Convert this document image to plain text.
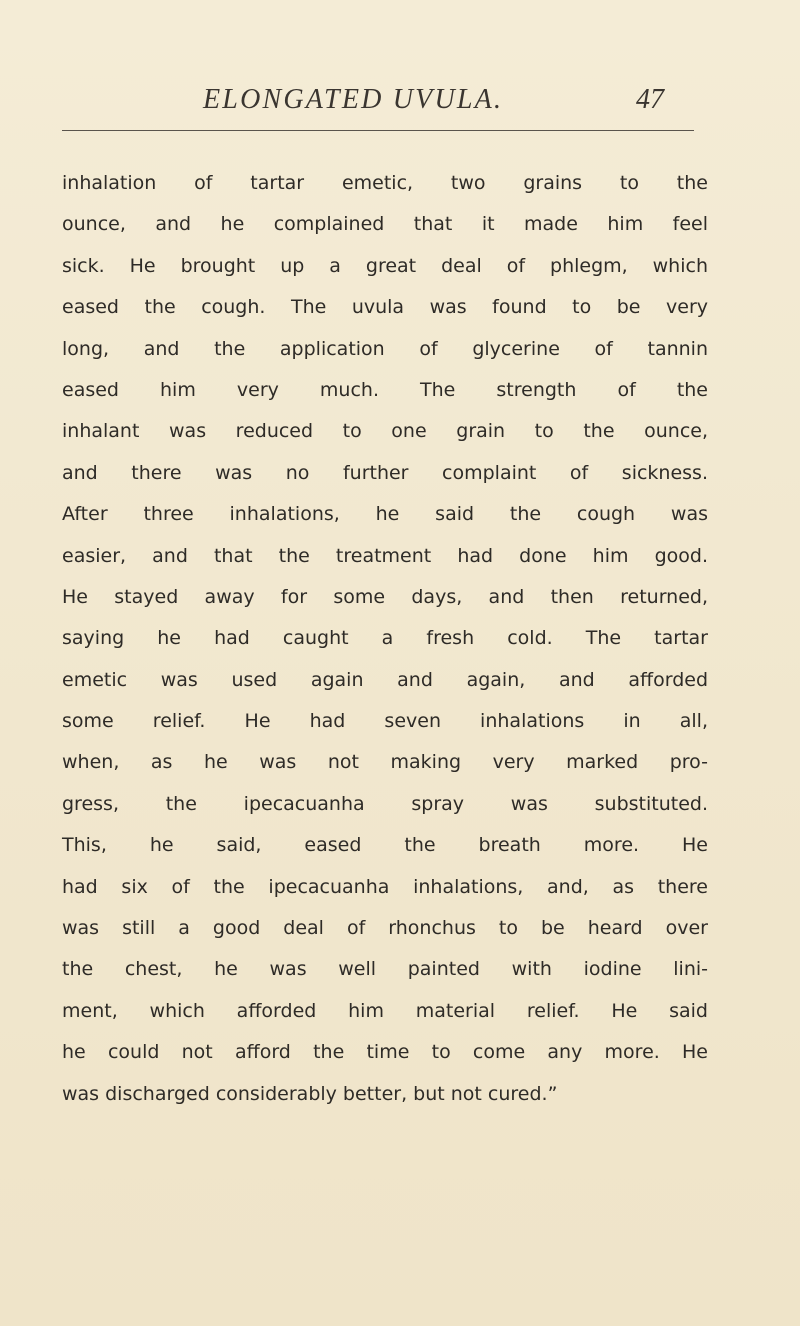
ELONGATED UVULA.	47
inhalation of tartar emetic, two grains to the
ounce, and he complained that it made him feel
sick. He brought up a great deal of phlegm, which
eased the cough. The uvula was found to be very
long, and the application of glycerine of tannin
eased him very much. The strength of the
inhalant was reduced to one grain to the ounce,
and there was no further complaint of sickness.
After three inhalations, he said the cough was
easier, and that the treatment had done him good.
He stayed away for some days, and then returned,
saying he had caught a fresh cold. The tartar
emetic was used again and again, and afforded
some relief. He had seven inhalations in all,
when, as he was not making very marked pro-
gress, the ipecacuanha spray was substituted.
This, he said, eased the breath more. He
had six of the ipecacuanha inhalations, and, as there
was still a good deal of rhonchus to be heard over
the chest, he was well painted with iodine lini-
ment, which afforded him material relief. He said
he could not afford the time to come any more. He
was discharged considerably better, but not cured.”
